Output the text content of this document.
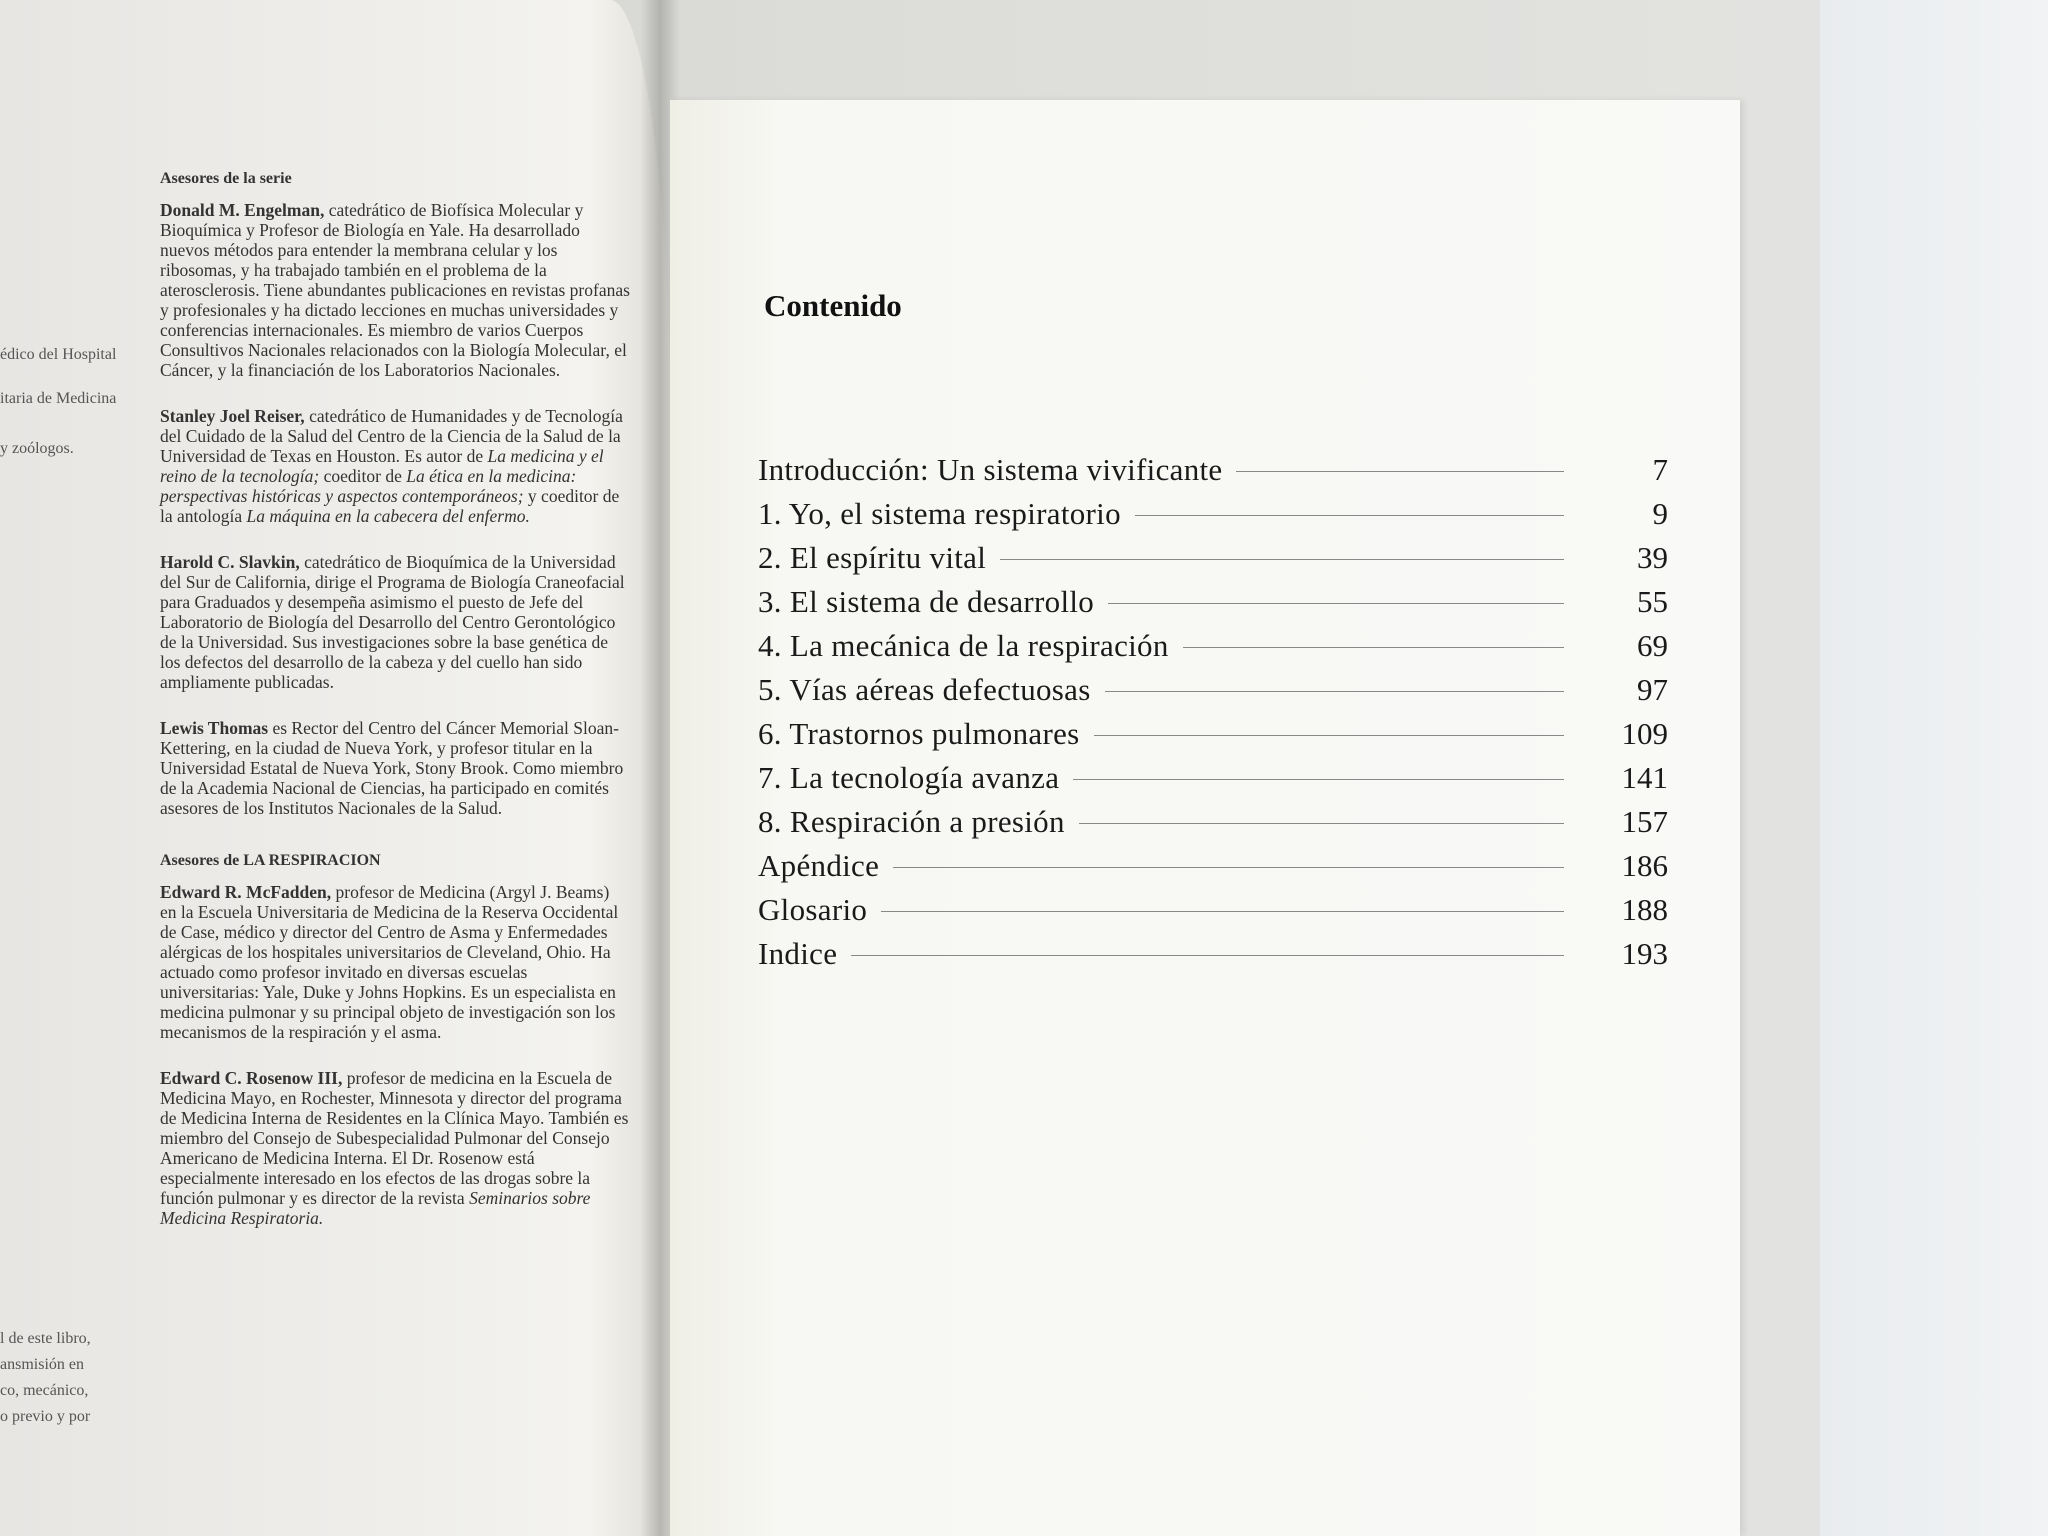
édico del Hospital
itaria de Medicina
y zoólogos.
l de este libro,
ansmisión en
co, mecánico,
o previo y por
Asesores de la serie

Donald M. Engelman, catedrático de Biofísica Molecular y Bioquímica y Profesor de Biología en Yale. Ha desarrollado nuevos métodos para entender la membrana celular y los ribosomas, y ha trabajado también en el problema de la aterosclerosis. Tiene abundantes publicaciones en revistas profanas y profesionales y ha dictado lecciones en muchas universidades y conferencias internacionales. Es miembro de varios Cuerpos Consultivos Nacionales relacionados con la Biología Molecular, el Cáncer, y la financiación de los Laboratorios Nacionales.

Stanley Joel Reiser, catedrático de Humanidades y de Tecnología del Cuidado de la Salud del Centro de la Ciencia de la Salud de la Universidad de Texas en Houston. Es autor de La medicina y el reino de la tecnología; coeditor de La ética en la medicina: perspectivas históricas y aspectos contemporáneos; y coeditor de la antología La máquina en la cabecera del enfermo.

Harold C. Slavkin, catedrático de Bioquímica de la Universidad del Sur de California, dirige el Programa de Biología Craneofacial para Graduados y desempeña asimismo el puesto de Jefe del Laboratorio de Biología del Desarrollo del Centro Gerontológico de la Universidad. Sus investigaciones sobre la base genética de los defectos del desarrollo de la cabeza y del cuello han sido ampliamente publicadas.

Lewis Thomas es Rector del Centro del Cáncer Memorial Sloan-Kettering, en la ciudad de Nueva York, y profesor titular en la Universidad Estatal de Nueva York, Stony Brook. Como miembro de la Academia Nacional de Ciencias, ha participado en comités asesores de los Institutos Nacionales de la Salud.

Asesores de LA RESPIRACION

Edward R. McFadden, profesor de Medicina (Argyl J. Beams) en la Escuela Universitaria de Medicina de la Reserva Occidental de Case, médico y director del Centro de Asma y Enfermedades alérgicas de los hospitales universitarios de Cleveland, Ohio. Ha actuado como profesor invitado en diversas escuelas universitarias: Yale, Duke y Johns Hopkins. Es un especialista en medicina pulmonar y su principal objeto de investigación son los mecanismos de la respiración y el asma.

Edward C. Rosenow III, profesor de medicina en la Escuela de Medicina Mayo, en Rochester, Minnesota y director del programa de Medicina Interna de Residentes en la Clínica Mayo. También es miembro del Consejo de Subespecialidad Pulmonar del Consejo Americano de Medicina Interna. El Dr. Rosenow está especialmente interesado en los efectos de las drogas sobre la función pulmonar y es director de la revista Seminarios sobre Medicina Respiratoria.

Contenido
Introducción: Un sistema vivificante	7
1. Yo, el sistema respiratorio	9
2. El espíritu vital	39
3. El sistema de desarrollo	55
4. La mecánica de la respiración	69
5. Vías aéreas defectuosas	97
6. Trastornos pulmonares	109
7. La tecnología avanza	141
8. Respiración a presión	157
Apéndice	186
Glosario	188
Indice	193
